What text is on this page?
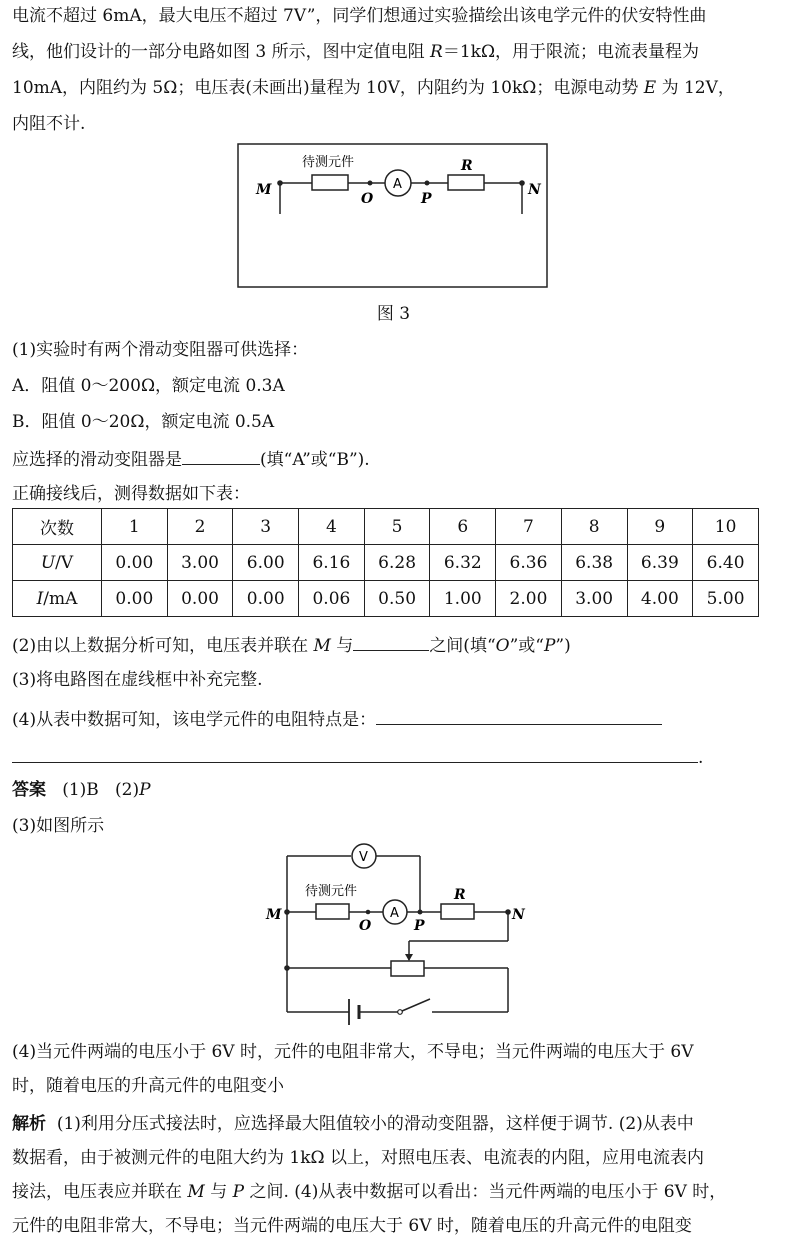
电流不超过 6mA，最大电压不超过 7V”，同学们想通过实验描绘出该电学元件的伏安特性曲
线，他们设计的一部分电路如图 3 所示，图中定值电阻 R＝1kΩ，用于限流；电流表量程为
10mA，内阻约为 5Ω；电压表(未画出)量程为 10V，内阻约为 10kΩ；电源电动势 E 为 12V，
内阻不计.
待测元件
A
R
M
O	P
N
图 3
(1)实验时有两个滑动变阻器可供选择：
A．阻值 0～200Ω，额定电流 0.3A
B．阻值 0～20Ω，额定电流 0.5A
应选择的滑动变阻器是	(填“A”或“B”).
正确接线后，测得数据如下表：
次数	1	2	3	4	5	6	7	8	9	10
U/V	0.00	3.00	6.00	6.16	6.28	6.32	6.36	6.38	6.39	6.40
I/mA	0.00	0.00	0.00	0.06	0.50	1.00	2.00	3.00	4.00	5.00
(2)由以上数据分析可知，电压表并联在 M 与	之间(填“O”或“P”)
(3)将电路图在虚线框中补充完整.
(4)从表中数据可知，该电学元件的电阻特点是：
.
答案 (1)B (2)P
(3)如图所示
V
待测元件
A
R
M
O	P
N
(4)当元件两端的电压小于 6V 时，元件的电阻非常大，不导电；当元件两端的电压大于 6V
时，随着电压的升高元件的电阻变小
解析 (1)利用分压式接法时，应选择最大阻值较小的滑动变阻器，这样便于调节. (2)从表中
数据看，由于被测元件的电阻大约为 1kΩ 以上，对照电压表、电流表的内阻，应用电流表内
接法，电压表应并联在 M 与 P 之间. (4)从表中数据可以看出：当元件两端的电压小于 6V 时，
元件的电阻非常大，不导电；当元件两端的电压大于 6V 时，随着电压的升高元件的电阻变
